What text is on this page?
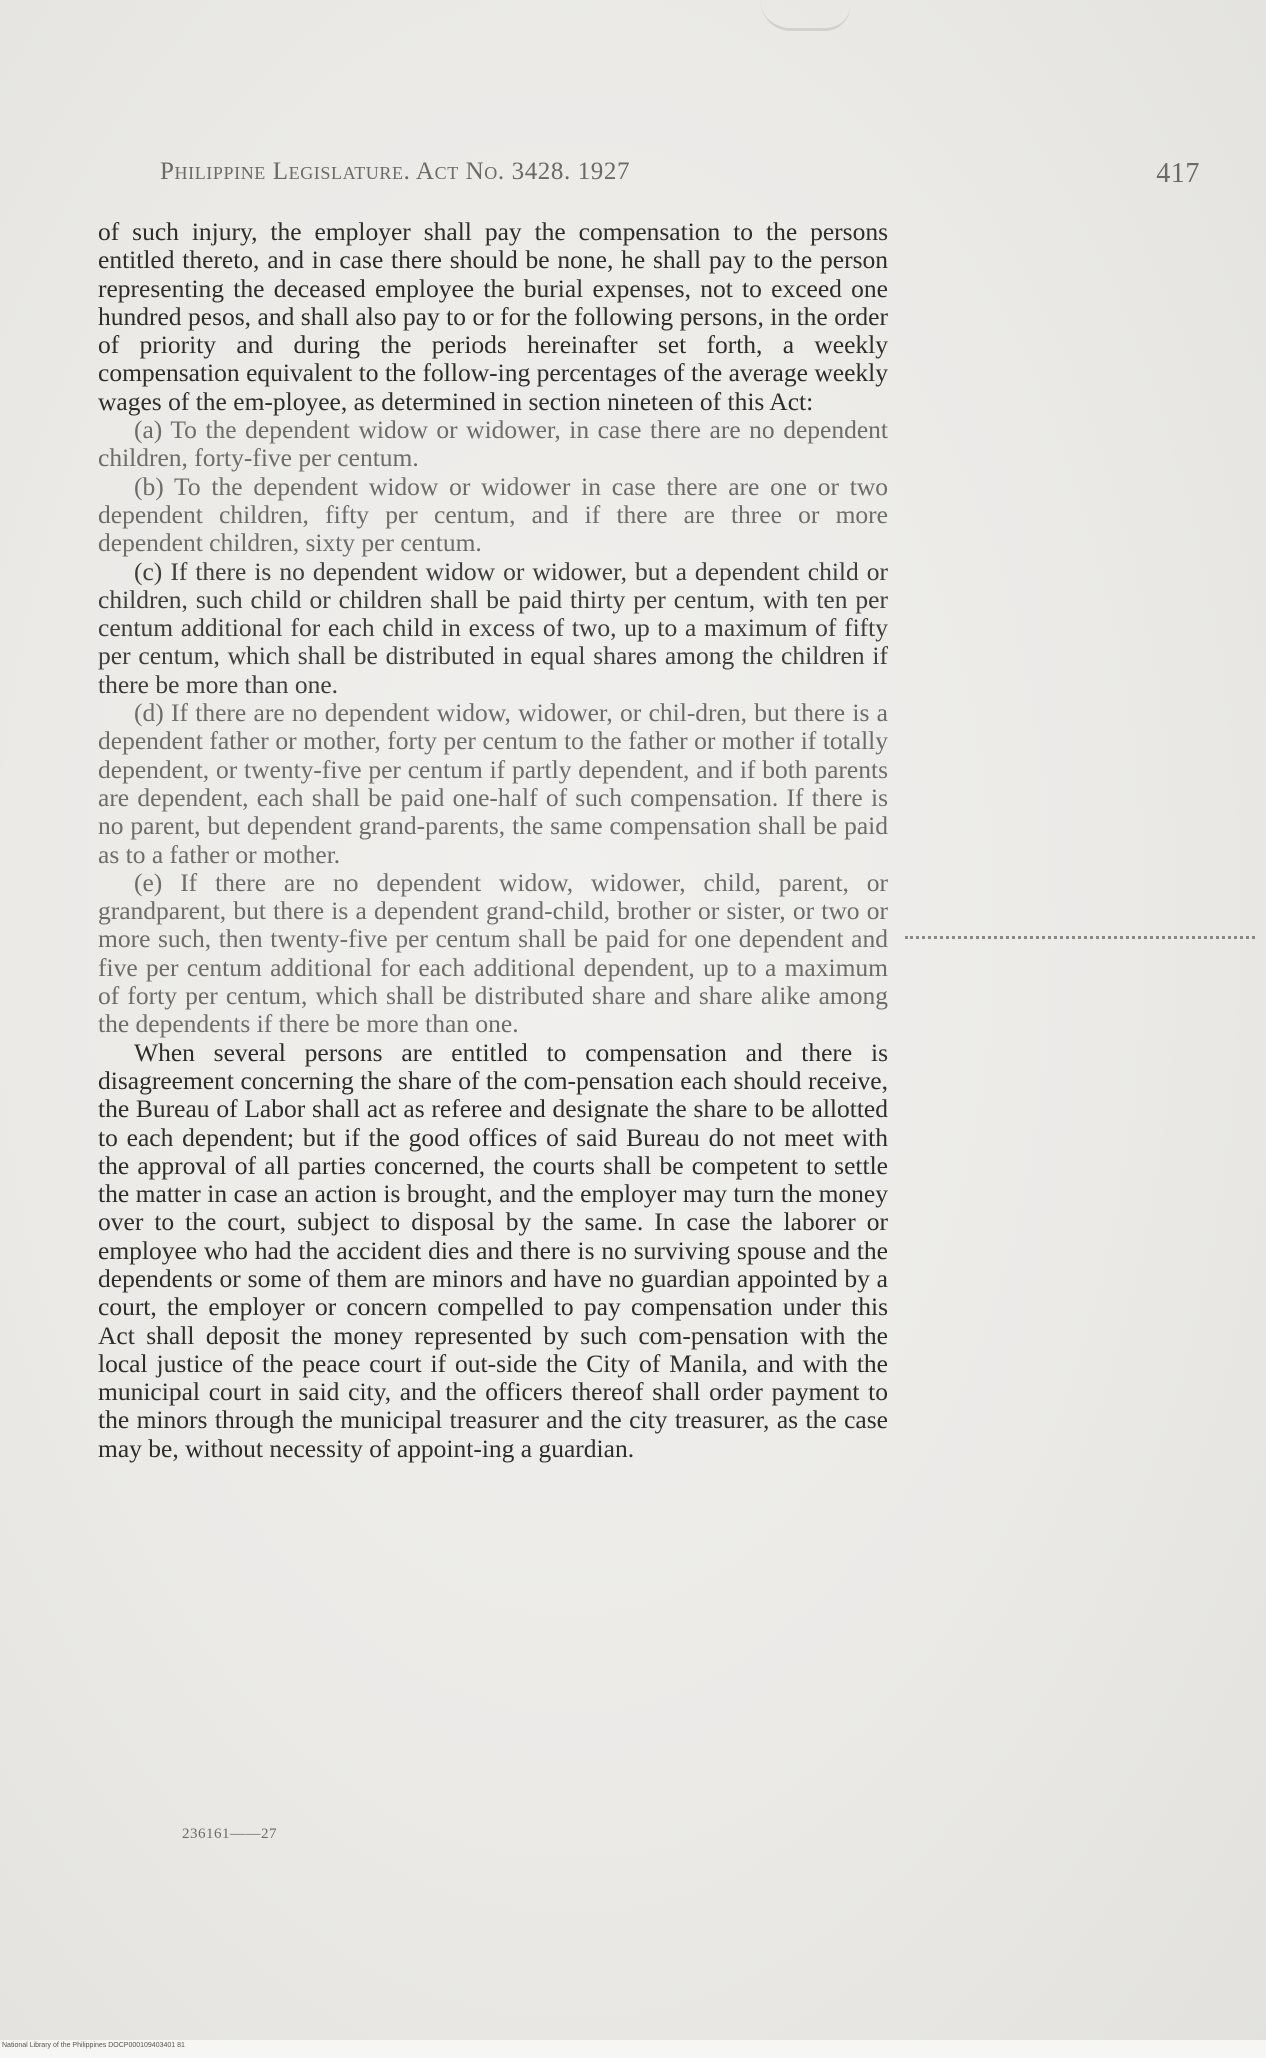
Philippine Legislature. Act No. 3428. 1927	417

of such injury, the employer shall pay the compensation to the persons entitled thereto, and in case there should be none, he shall pay to the person representing the deceased employee the burial expenses, not to exceed one hundred pesos, and shall also pay to or for the following persons, in the order of priority and during the periods hereinafter set forth, a weekly compensation equivalent to the follow-ing percentages of the average weekly wages of the em-ployee, as determined in section nineteen of this Act:

(a) To the dependent widow or widower, in case there are no dependent children, forty-five per centum.

(b) To the dependent widow or widower in case there are one or two dependent children, fifty per centum, and if there are three or more dependent children, sixty per centum.

(c) If there is no dependent widow or widower, but a dependent child or children, such child or children shall be paid thirty per centum, with ten per centum additional for each child in excess of two, up to a maximum of fifty per centum, which shall be distributed in equal shares among the children if there be more than one.

(d) If there are no dependent widow, widower, or chil-dren, but there is a dependent father or mother, forty per centum to the father or mother if totally dependent, or twenty-five per centum if partly dependent, and if both parents are dependent, each shall be paid one-half of such compensation. If there is no parent, but dependent grand-parents, the same compensation shall be paid as to a father or mother.

(e) If there are no dependent widow, widower, child, parent, or grandparent, but there is a dependent grand-child, brother or sister, or two or more such, then twenty-five per centum shall be paid for one dependent and five per centum additional for each additional dependent, up to a maximum of forty per centum, which shall be distributed share and share alike among the dependents if there be more than one.

When several persons are entitled to compensation and there is disagreement concerning the share of the com-pensation each should receive, the Bureau of Labor shall act as referee and designate the share to be allotted to each dependent; but if the good offices of said Bureau do not meet with the approval of all parties concerned, the courts shall be competent to settle the matter in case an action is brought, and the employer may turn the money over to the court, subject to disposal by the same. In case the laborer or employee who had the accident dies and there is no surviving spouse and the dependents or some of them are minors and have no guardian appointed by a court, the employer or concern compelled to pay compensation under this Act shall deposit the money represented by such com-pensation with the local justice of the peace court if out-side the City of Manila, and with the municipal court in said city, and the officers thereof shall order payment to the minors through the municipal treasurer and the city treasurer, as the case may be, without necessity of appoint-ing a guardian.

236161——27
National Library of the Philippines DOCP000109403401 81
